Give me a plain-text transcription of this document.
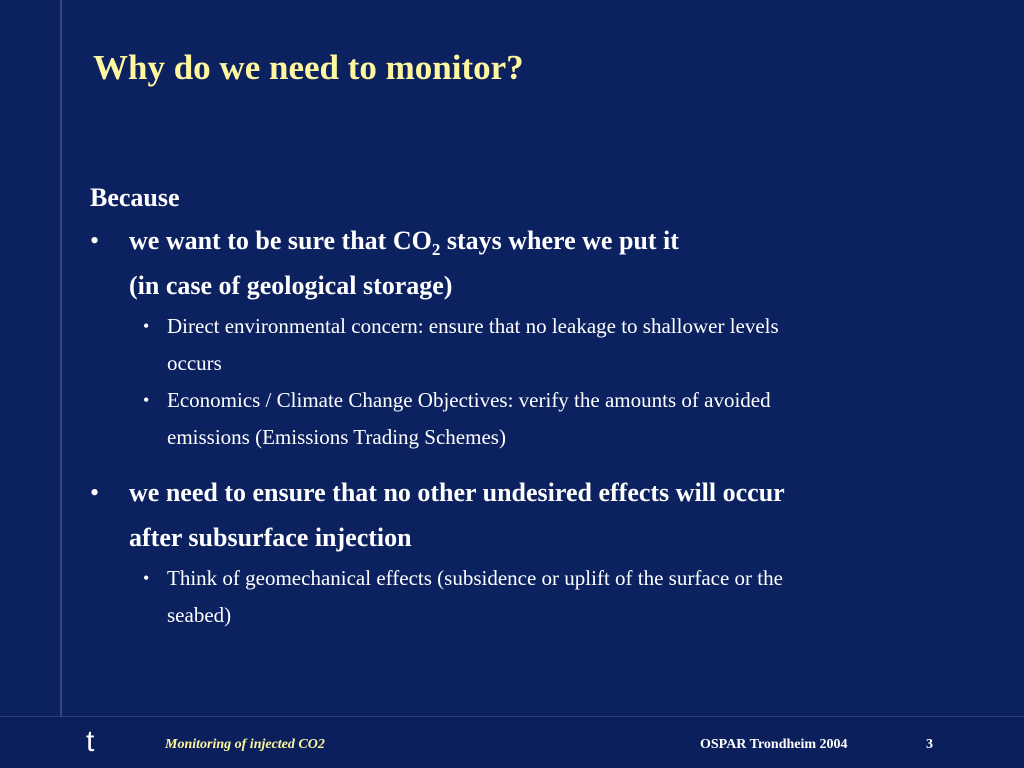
Why do we need to monitor?
Because
• we want to be sure that $CO_2$ stays where we put it
(in case of geological storage)
• Direct environmental concern: ensure that no leakage to shallower levels
occurs
• Economics / Climate Change Objectives: verify the amounts of avoided
emissions (Emissions Trading Schemes)
• we need to ensure that no other undesired effects will occur
after subsurface injection
• Think of geomechanical effects (subsidence or uplift of the surface or the
seabed)
t	Monitoring of injected CO2	OSPAR Trondheim 2004	3
